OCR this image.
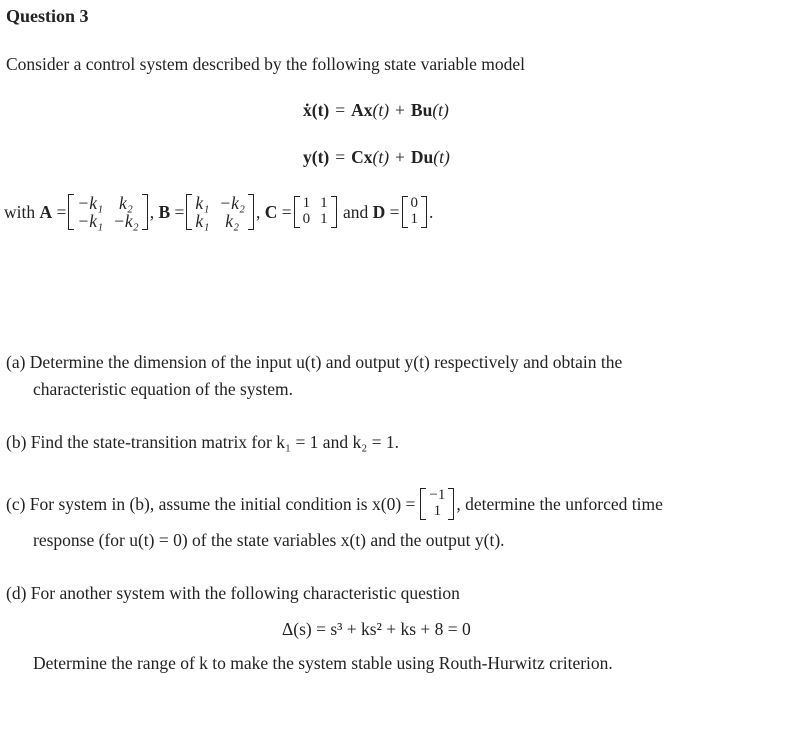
Question 3
Consider a control system described by the following state variable model
ẋ(t) = Ax (t) + Bu (t)
y(t) = Cx (t) + Du (t)
with
A
= −k₁ k₂
−k₁ −k₂ ,
B
= k₁ −k₂
k₁ k₂ ,
C
= 1 1
0 1
and
D
= 0
1 .
(a) Determine the dimension of the input u(t) and output y(t) respectively and obtain the
characteristic equation of the system.
(b) Find the state-transition matrix for k₁ = 1 and k₂ = 1.
(c) For system in (b), assume the initial condition is x(0) = −1
1 , determine the unforced time
response (for u(t) = 0) of the state variables x(t) and the output y(t).
(d) For another system with the following characteristic question
Δ(s) = s³ + ks² + ks + 8 = 0
Determine the range of k to make the system stable using Routh-Hurwitz criterion.
